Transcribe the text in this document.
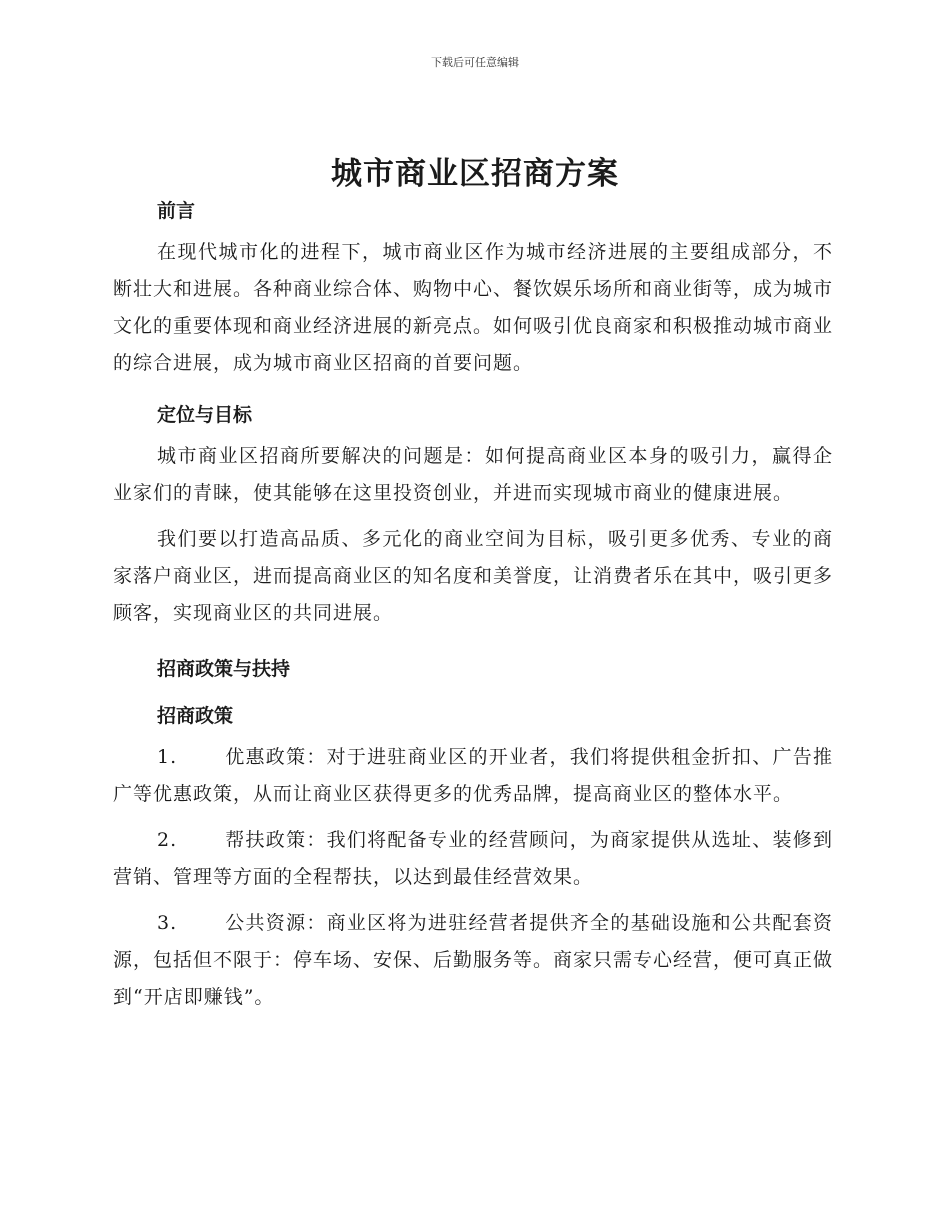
下载后可任意编辑
城市商业区招商方案
前言

在现代城市化的进程下，城市商业区作为城市经济进展的主要组成部分，不断壮大和进展。各种商业综合体、购物中心、餐饮娱乐场所和商业街等，成为城市文化的重要体现和商业经济进展的新亮点。如何吸引优良商家和积极推动城市商业的综合进展，成为城市商业区招商的首要问题。

定位与目标

城市商业区招商所要解决的问题是：如何提高商业区本身的吸引力，赢得企业家们的青睐，使其能够在这里投资创业，并进而实现城市商业的健康进展。

我们要以打造高品质、多元化的商业空间为目标，吸引更多优秀、专业的商家落户商业区，进而提高商业区的知名度和美誉度，让消费者乐在其中，吸引更多顾客，实现商业区的共同进展。

招商政策与扶持
招商政策

1.	优惠政策：对于进驻商业区的开业者，我们将提供租金折扣、广告推广等优惠政策，从而让商业区获得更多的优秀品牌，提高商业区的整体水平。

2.	帮扶政策：我们将配备专业的经营顾问，为商家提供从选址、装修到营销、管理等方面的全程帮扶，以达到最佳经营效果。

3.	公共资源：商业区将为进驻经营者提供齐全的基础设施和公共配套资源，包括但不限于：停车场、安保、后勤服务等。商家只需专心经营，便可真正做到“开店即赚钱”。
